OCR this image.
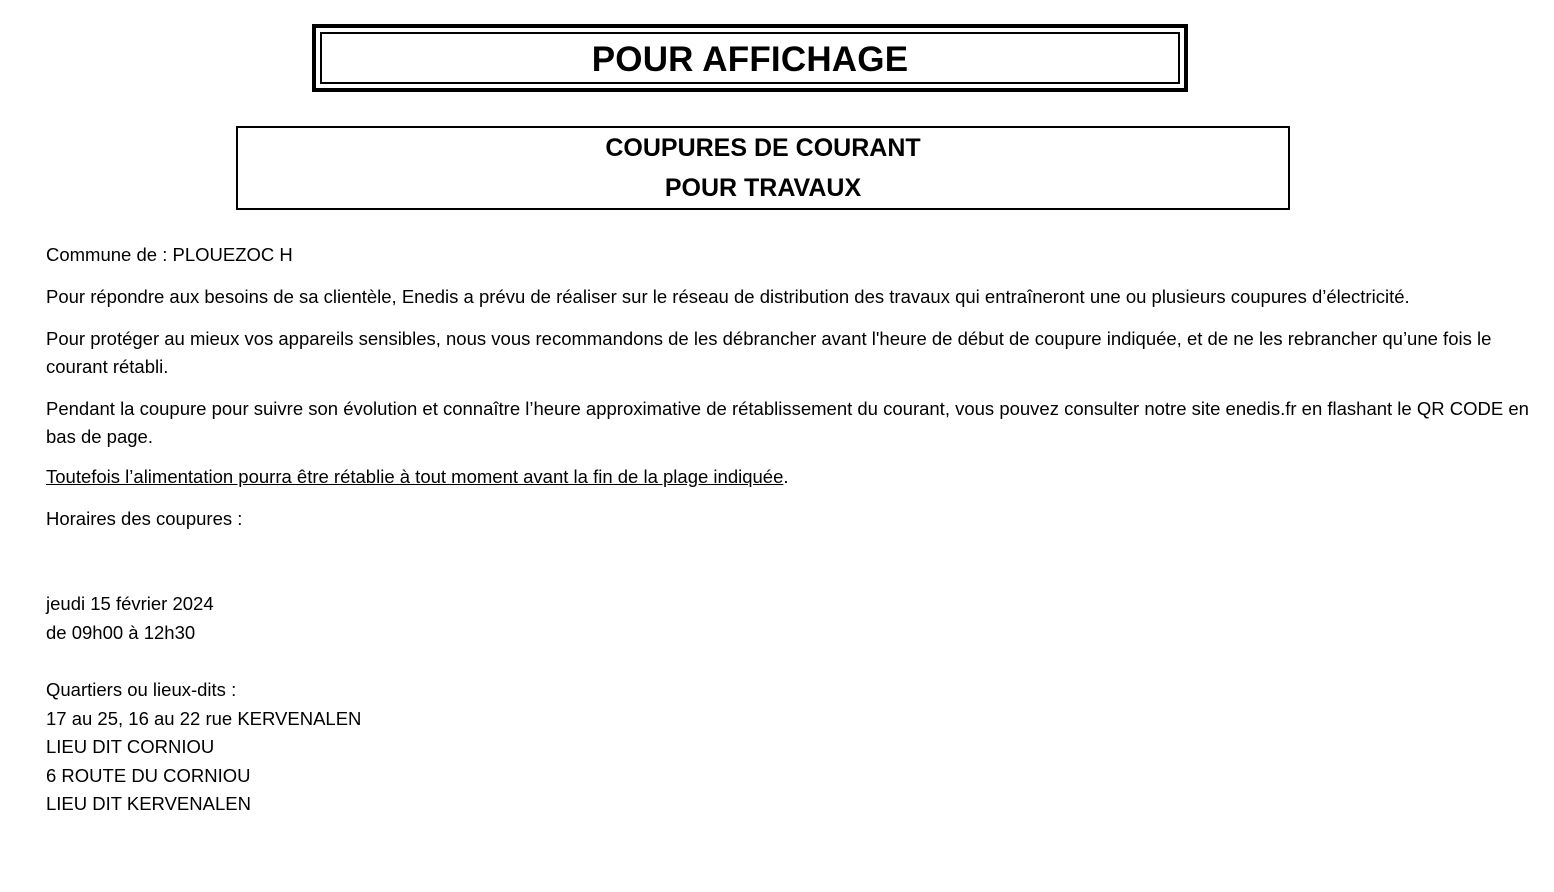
POUR AFFICHAGE
COUPURES DE COURANT
POUR TRAVAUX
Commune de : PLOUEZOC H
Pour répondre aux besoins de sa clientèle, Enedis a prévu de réaliser sur le réseau de distribution des travaux qui entraîneront une ou plusieurs coupures d’électricité.
Pour protéger au mieux vos appareils sensibles, nous vous recommandons de les débrancher avant l'heure de début de coupure indiquée, et de ne les rebrancher qu’une fois le courant rétabli.
Pendant la coupure pour suivre son évolution et connaître l’heure approximative de rétablissement du courant, vous pouvez consulter notre site enedis.fr en flashant le QR CODE en bas de page.
Toutefois l’alimentation pourra être rétablie à tout moment avant la fin de la plage indiquée.
Horaires des coupures :
jeudi 15 février 2024
de 09h00 à 12h30
Quartiers ou lieux-dits :
17 au 25, 16 au 22 rue KERVENALEN
LIEU DIT CORNIOU
6 ROUTE DU CORNIOU
LIEU DIT KERVENALEN
